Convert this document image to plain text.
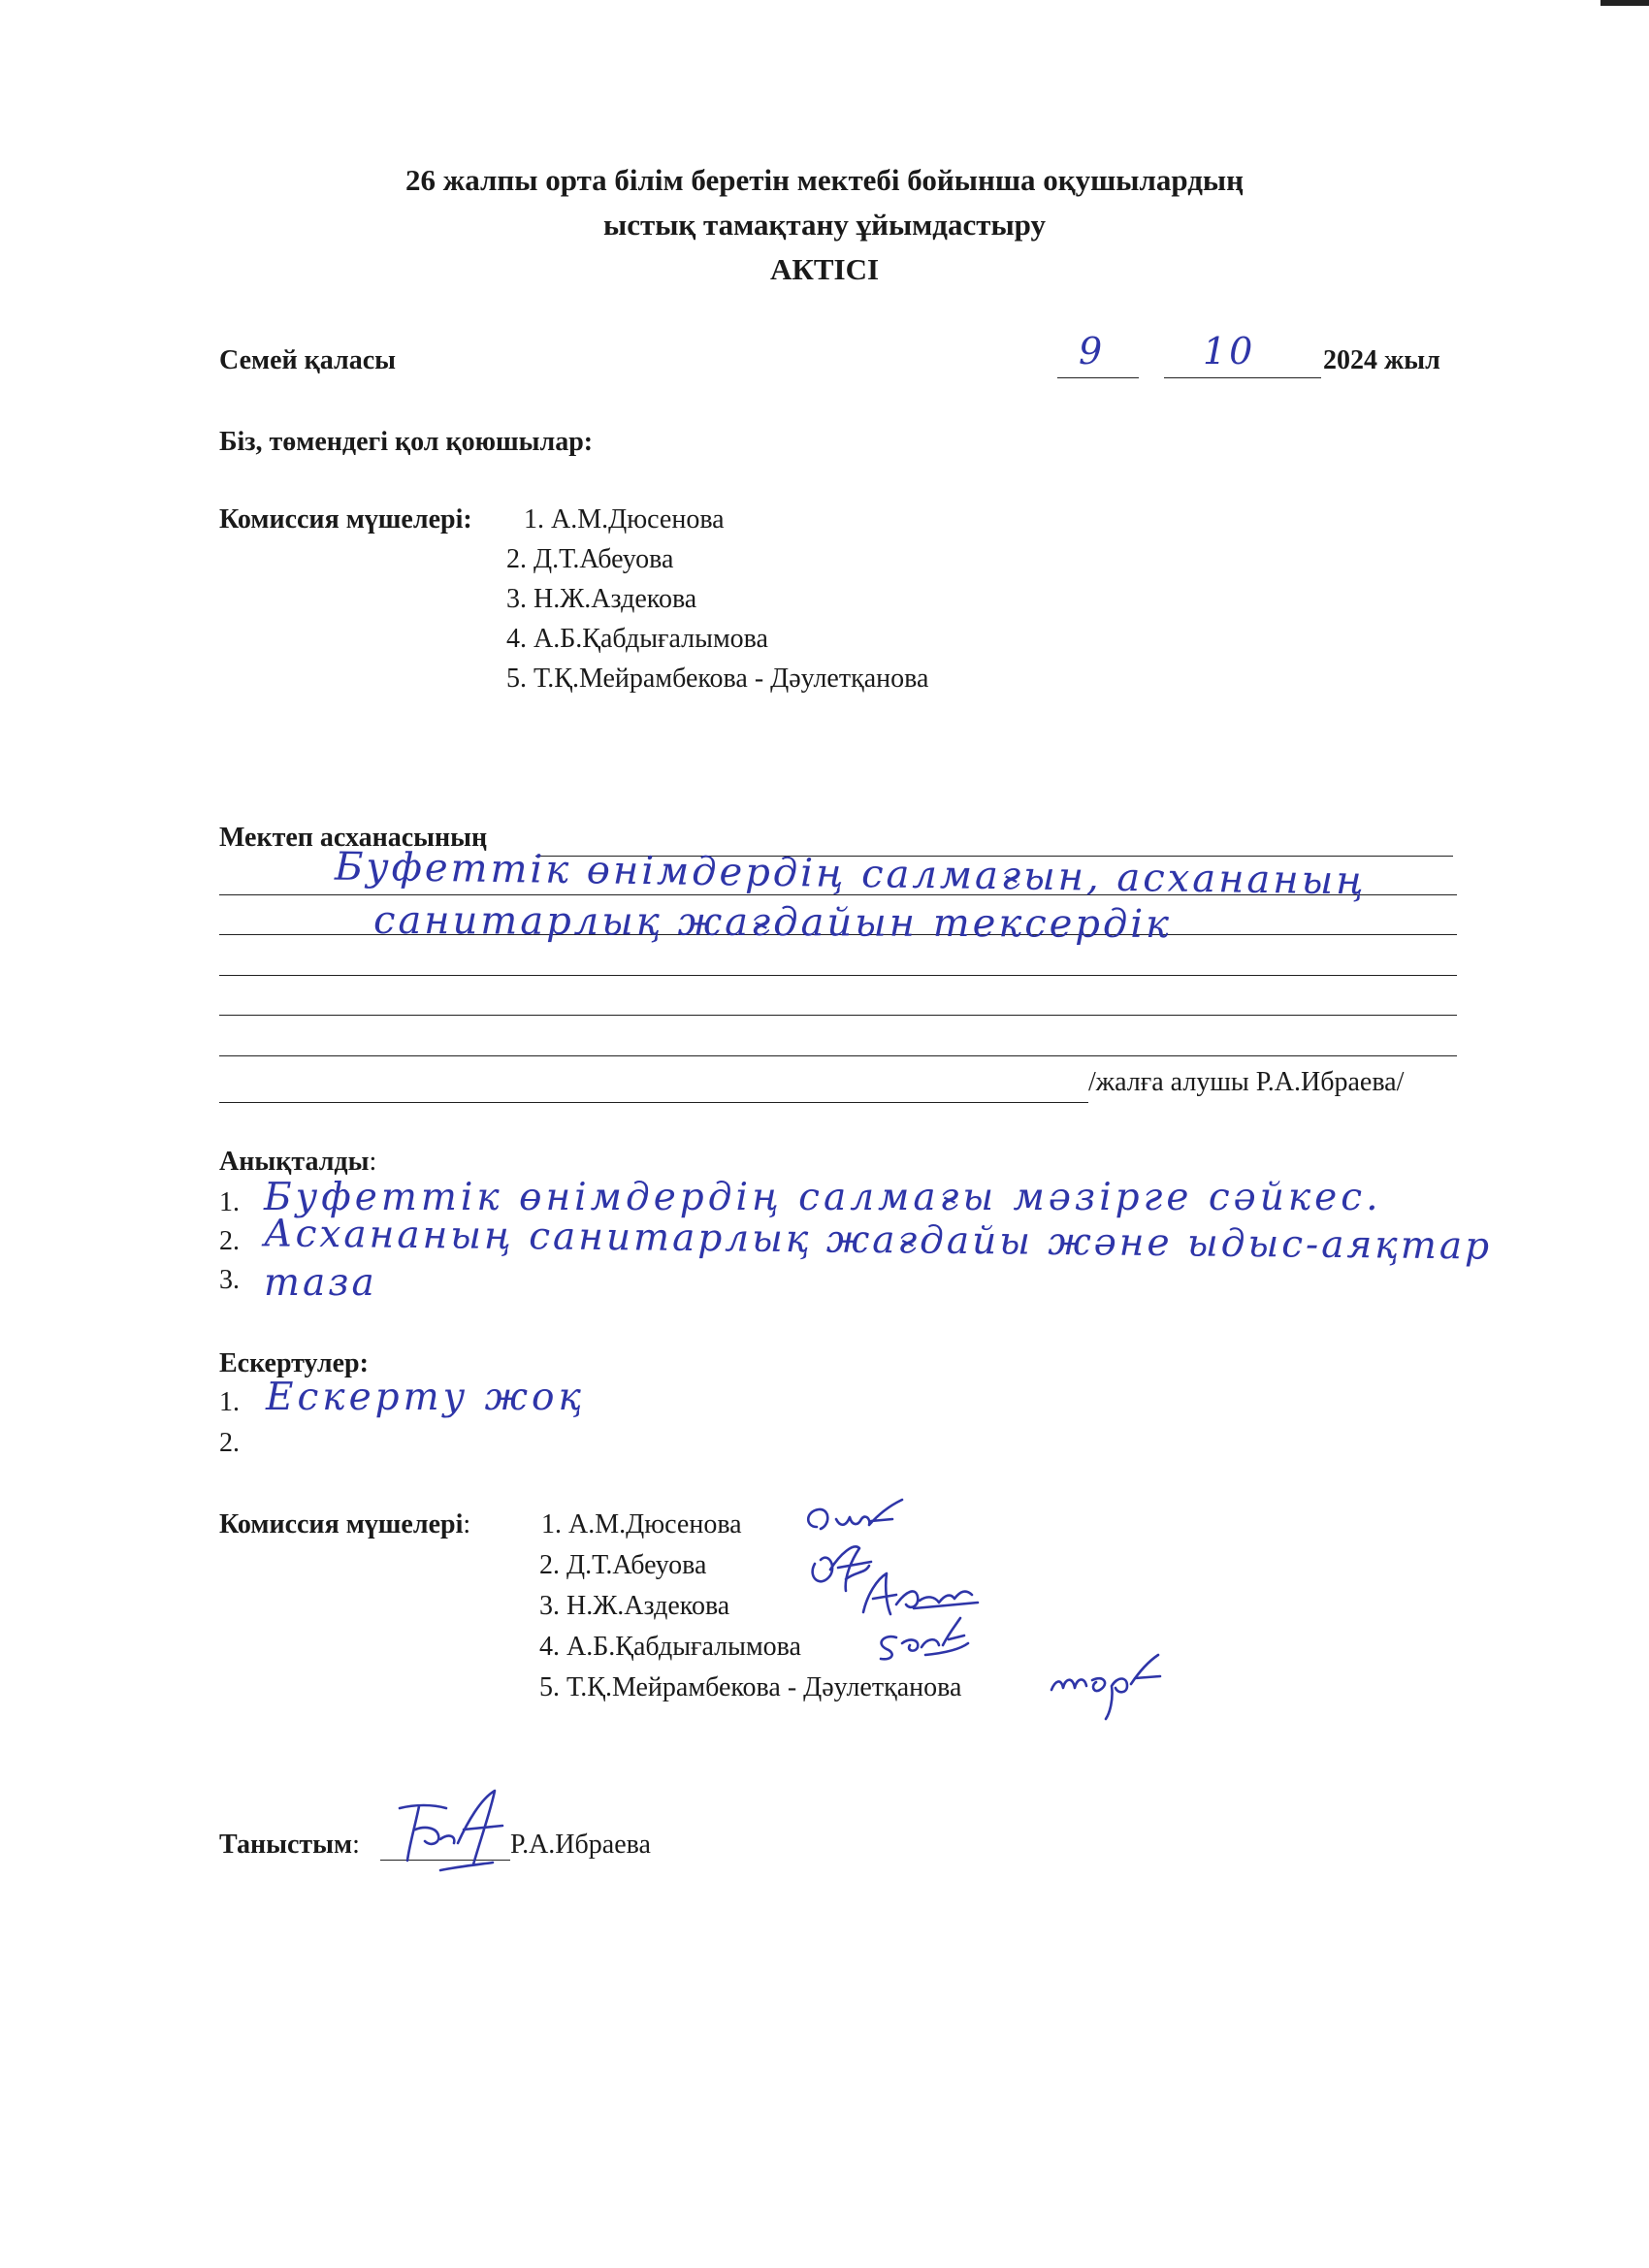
26 жалпы орта білім беретін мектебі бойынша оқушылардың
ыстық тамақтану ұйымдастыру
АКТІСІ
Семей қаласы	9	10 2024 жыл
Біз, төмендегі қол қоюшылар:
Комиссия мүшелері: 1. А.М.Дюсенова
2. Д.Т.Абеуова
3. Н.Ж.Аздекова
4. А.Б.Қабдығалымова
5. Т.Қ.Мейрамбекова - Дәулетқанова
Мектеп асханасының
Буфеттік өнімдердің салмағын, асхананың
санитарлық жағдайын тексердік
/жалға алушы Р.А.Ибраева/
Анықталды:
1.
2.
3.
Буфеттік өнімдердің салмағы мәзірге сәйкес.
Асхананың санитарлық жағдайы және ыдыс-аяқтар
таза
Ескертулер:
1.
2.
Ескерту жоқ
Комиссия мүшелері:	1. А.М.Дюсенова
2. Д.Т.Абеуова
3. Н.Ж.Аздекова
4. А.Б.Қабдығалымова
5. Т.Қ.Мейрамбекова - Дәулетқанова
Таныстым:	Р.А.Ибраева
